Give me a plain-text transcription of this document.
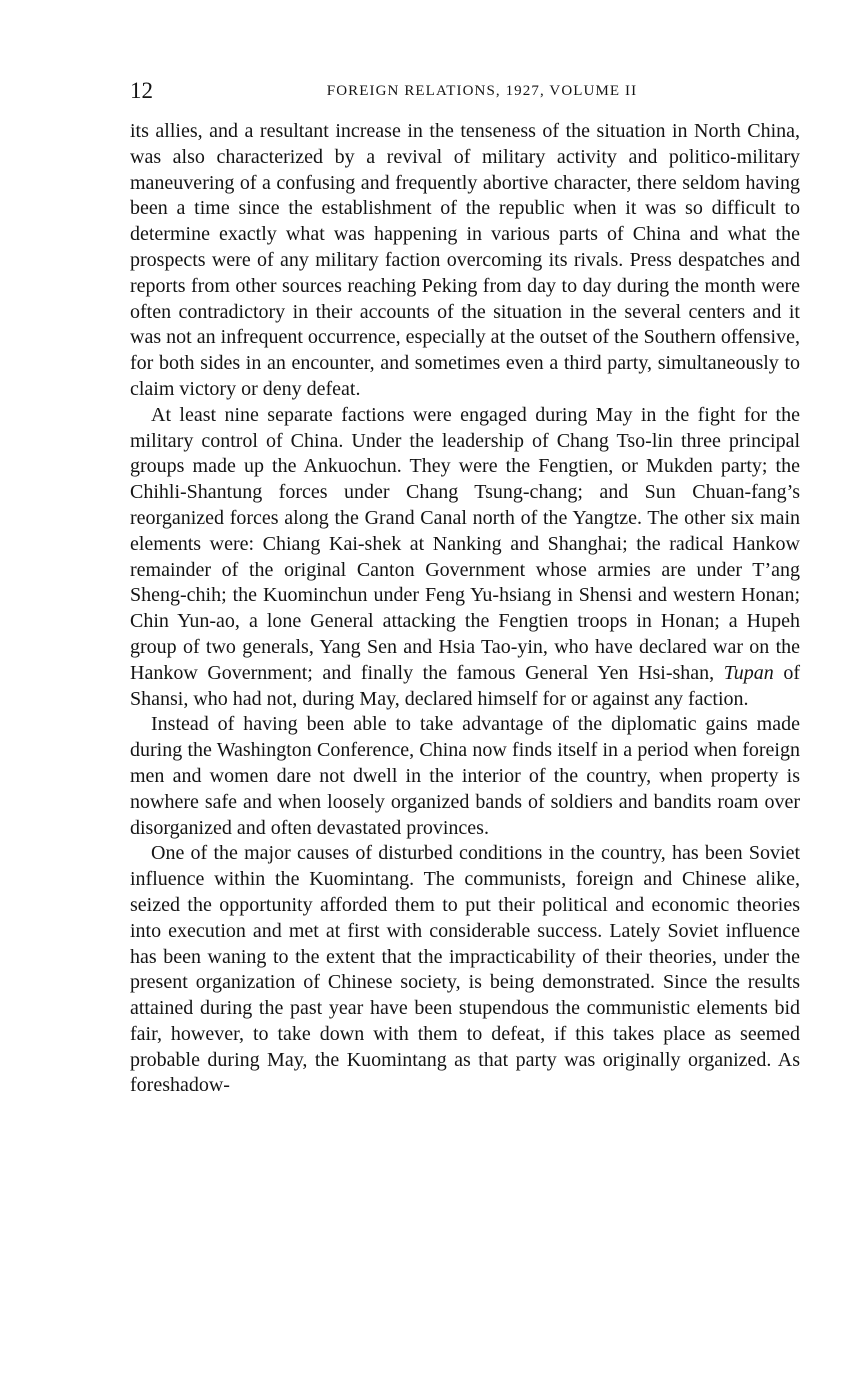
12	FOREIGN RELATIONS, 1927, VOLUME II

its allies, and a resultant increase in the tenseness of the situation in North China, was also characterized by a revival of military activity and politico-military maneuvering of a confusing and frequently abortive character, there seldom having been a time since the establishment of the republic when it was so difficult to determine exactly what was happening in various parts of China and what the prospects were of any military faction overcoming its rivals. Press despatches and reports from other sources reaching Peking from day to day during the month were often contradictory in their accounts of the situation in the several centers and it was not an infrequent occurrence, especially at the outset of the Southern offensive, for both sides in an encounter, and sometimes even a third party, simultaneously to claim victory or deny defeat.

At least nine separate factions were engaged during May in the fight for the military control of China. Under the leadership of Chang Tso-lin three principal groups made up the Ankuochun. They were the Fengtien, or Mukden party; the Chihli-Shantung forces under Chang Tsung-chang; and Sun Chuan-fang’s reorganized forces along the Grand Canal north of the Yangtze. The other six main elements were: Chiang Kai-shek at Nanking and Shanghai; the radical Hankow remainder of the original Canton Government whose armies are under T’ang Sheng-chih; the Kuominchun under Feng Yu-hsiang in Shensi and western Honan; Chin Yun-ao, a lone General attacking the Fengtien troops in Honan; a Hupeh group of two generals, Yang Sen and Hsia Tao-yin, who have declared war on the Hankow Government; and finally the famous General Yen Hsi-shan, Tupan of Shansi, who had not, during May, declared himself for or against any faction.

Instead of having been able to take advantage of the diplomatic gains made during the Washington Conference, China now finds itself in a period when foreign men and women dare not dwell in the interior of the country, when property is nowhere safe and when loosely organized bands of soldiers and bandits roam over disorganized and often devastated provinces.

One of the major causes of disturbed conditions in the country, has been Soviet influence within the Kuomintang. The communists, foreign and Chinese alike, seized the opportunity afforded them to put their political and economic theories into execution and met at first with considerable success. Lately Soviet influence has been waning to the extent that the impracticability of their theories, under the present organization of Chinese society, is being demonstrated. Since the results attained during the past year have been stupendous the communistic elements bid fair, however, to take down with them to defeat, if this takes place as seemed probable during May, the Kuomintang as that party was originally organized. As foreshadow-
